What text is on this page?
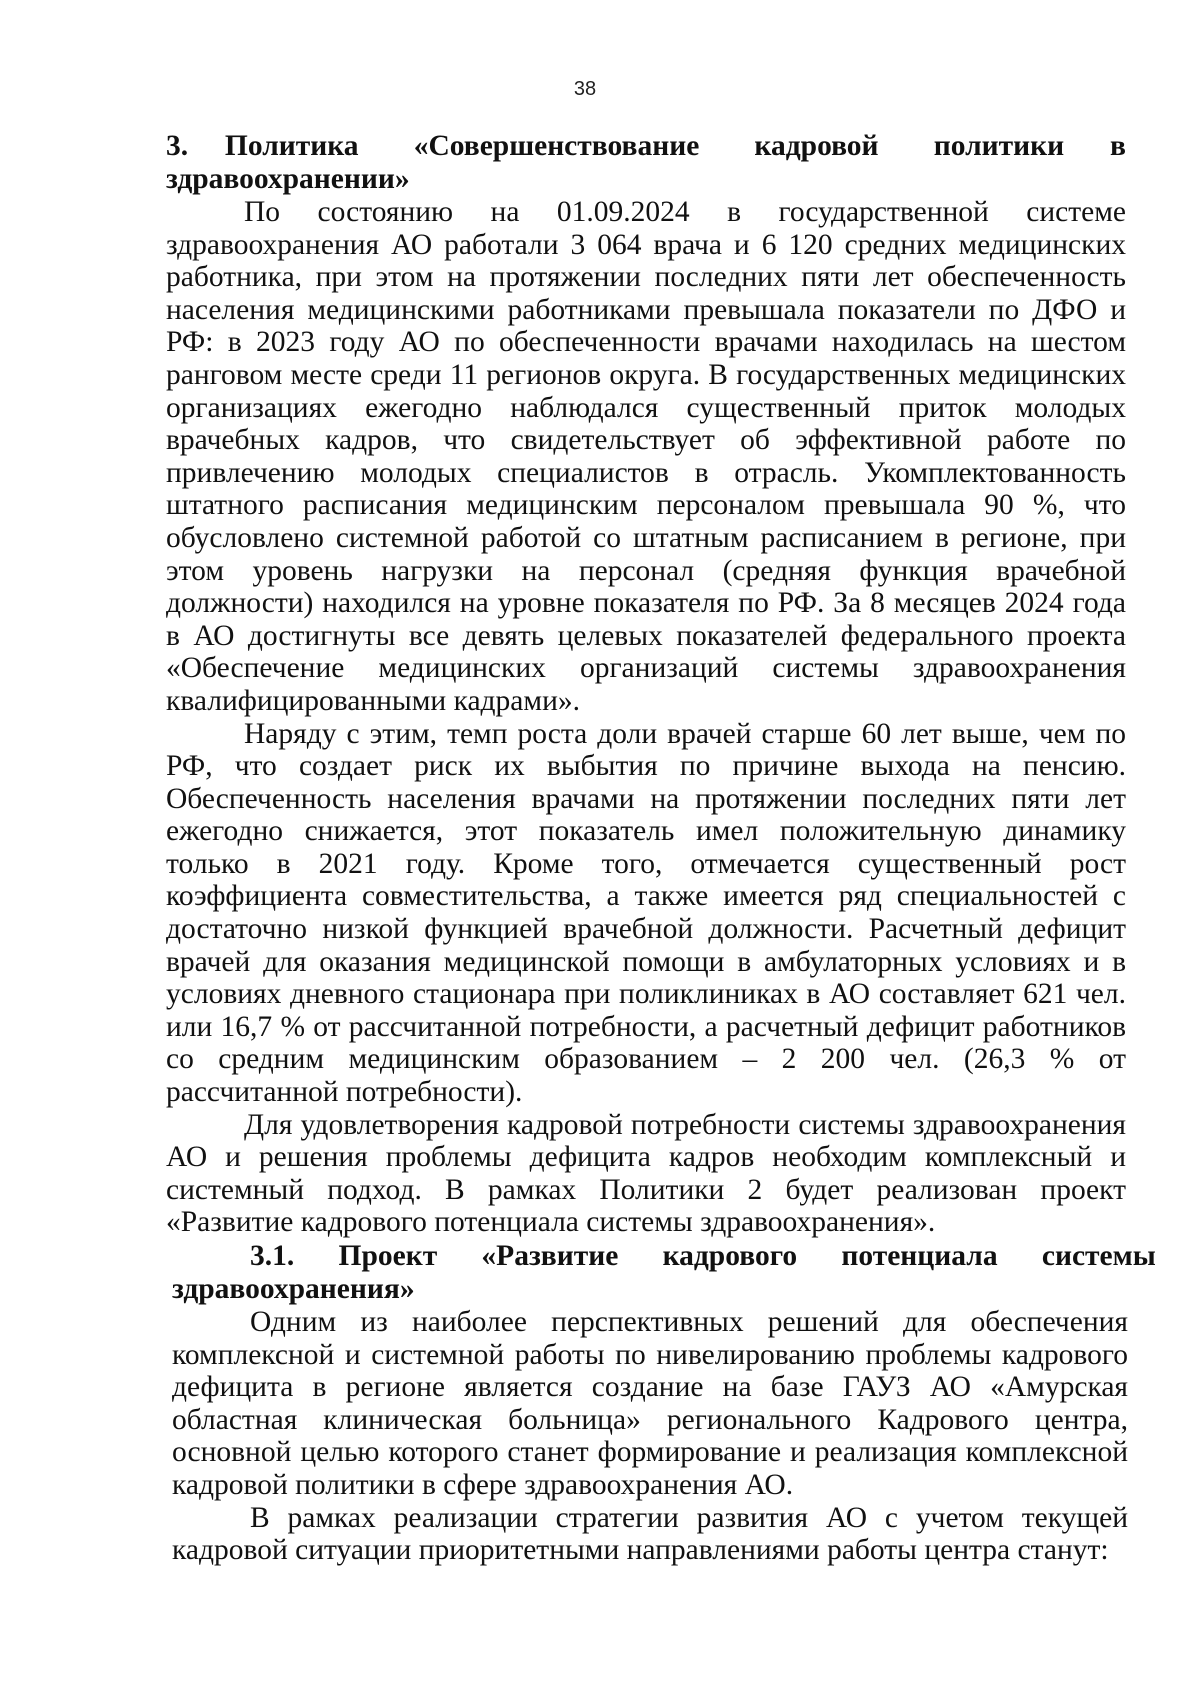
38

3.    Политика      «Совершенствование      кадровой      политики     в здравоохранении»

По состоянию на 01.09.2024 в государственной системе здравоохранения АО работали 3 064 врача и 6 120 средних медицинских работника, при этом на протяжении последних пяти лет обеспеченность населения медицинскими работниками превышала показатели по ДФО и РФ: в 2023 году АО по обеспеченности врачами находилась на шестом ранговом месте среди 11 регионов округа. В государственных медицинских организациях ежегодно наблюдался существенный приток молодых врачебных кадров, что свидетельствует об эффективной работе по привлечению молодых специалистов в отрасль. Укомплектованность штатного расписания медицинским персоналом превышала 90 %, что обусловлено системной работой со штатным расписанием в регионе, при этом уровень нагрузки на персонал (средняя функция врачебной должности) находился на уровне показателя по РФ. За 8 месяцев 2024 года в АО достигнуты все девять целевых показателей федерального проекта «Обеспечение медицинских организаций системы здравоохранения квалифицированными кадрами».

Наряду с этим, темп роста доли врачей старше 60 лет выше, чем по РФ, что создает риск их выбытия по причине выхода на пенсию. Обеспеченность населения врачами на протяжении последних пяти лет ежегодно снижается, этот показатель имел положительную динамику только в 2021 году. Кроме того, отмечается существенный рост коэффициента совместительства, а также имеется ряд специальностей с достаточно низкой функцией врачебной должности. Расчетный дефицит врачей для оказания медицинской помощи в амбулаторных условиях и в условиях дневного стационара при поликлиниках в АО составляет 621 чел. или 16,7 % от рассчитанной потребности, а расчетный дефицит работников со средним медицинским образованием – 2 200 чел. (26,3 % от рассчитанной потребности).

Для удовлетворения кадровой потребности системы здравоохранения АО и решения проблемы дефицита кадров необходим комплексный и системный подход. В рамках Политики 2 будет реализован проект «Развитие кадрового потенциала системы здравоохранения».

3.1.      Проект      «Развитие      кадрового      потенциала      системы здравоохранения»

Одним из наиболее перспективных решений для обеспечения комплексной и системной работы по нивелированию проблемы кадрового дефицита в регионе является создание на базе ГАУЗ АО «Амурская областная клиническая больница» регионального Кадрового центра, основной целью которого станет формирование и реализация комплексной кадровой политики в сфере здравоохранения АО.

В рамках реализации стратегии развития АО с учетом текущей кадровой ситуации приоритетными направлениями работы центра станут:
